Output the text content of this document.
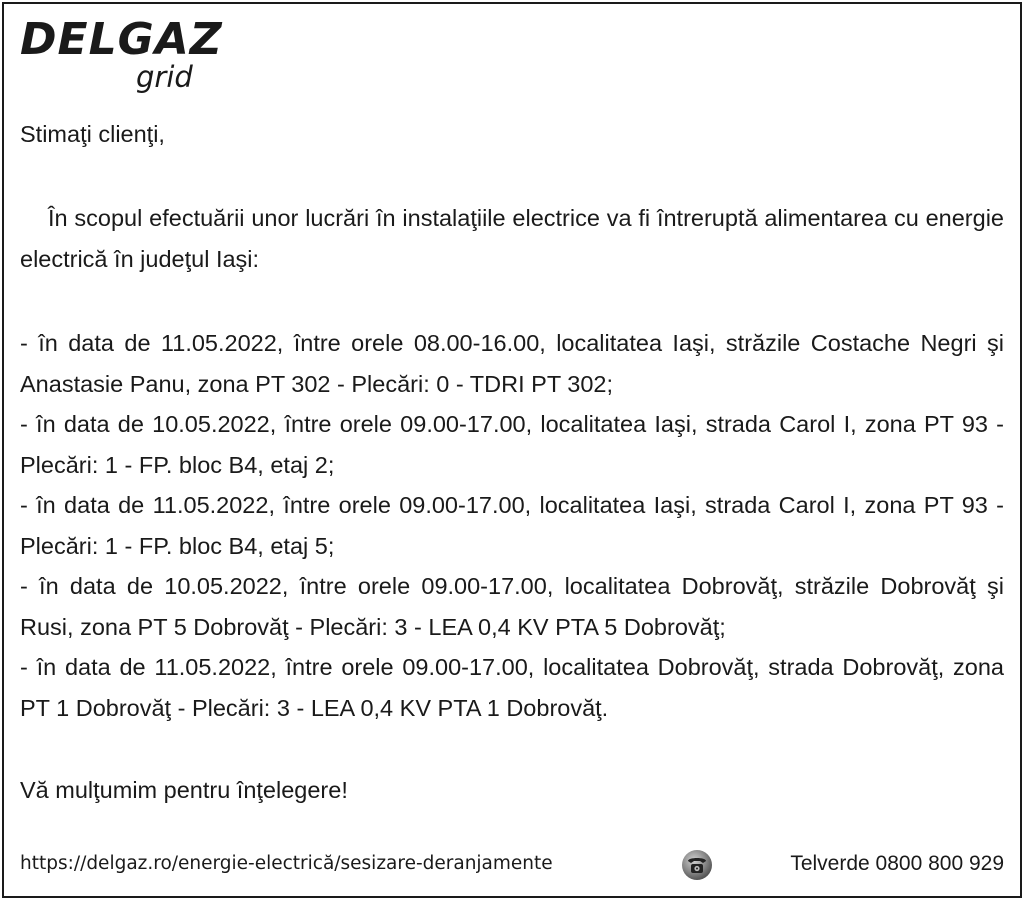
DELGAZ
grid

Stimaţi clienţi,

În scopul efectuării unor lucrări în instalaţiile electrice va fi întreruptă alimentarea cu energie electrică în judeţul Iaşi:

- în data de 11.05.2022, între orele 08.00-16.00, localitatea Iaşi, străzile Costache Negri şi Anastasie Panu, zona PT 302 - Plecări: 0 - TDRI PT 302;

- în data de 10.05.2022, între orele 09.00-17.00, localitatea Iaşi, strada Carol I, zona PT 93 - Plecări: 1 - FP. bloc B4, etaj 2;

- în data de 11.05.2022, între orele 09.00-17.00, localitatea Iaşi, strada Carol I, zona PT 93 - Plecări: 1 - FP. bloc B4, etaj 5;

- în data de 10.05.2022, între orele 09.00-17.00, localitatea Dobrovăţ, străzile Dobrovăţ şi Rusi, zona PT 5 Dobrovăţ - Plecări: 3 - LEA 0,4 KV PTA 5 Dobrovăţ;

- în data de 11.05.2022, între orele 09.00-17.00, localitatea Dobrovăţ, strada Dobrovăţ, zona PT 1 Dobrovăţ - Plecări: 3 - LEA 0,4 KV PTA 1 Dobrovăţ.

Vă mulţumim pentru înţelegere!

https://delgaz.ro/energie-electrică/sesizare-deranjamente	Telverde 0800 800 929
